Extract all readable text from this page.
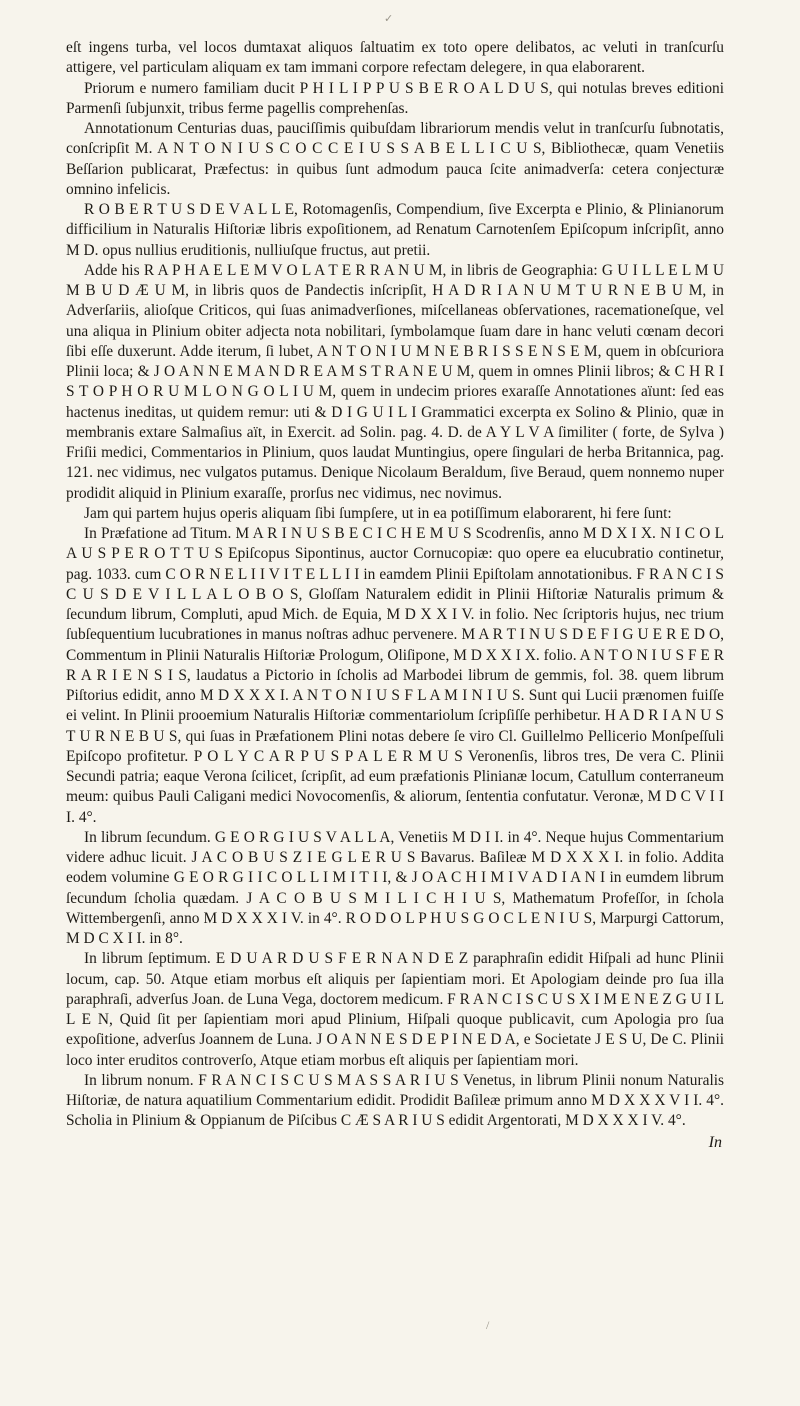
✓

eſt ingens turba, vel locos dumtaxat aliquos ſaltuatim ex toto opere delibatos, ac veluti in tranſcurſu attigere, vel particulam aliquam ex tam immani corpore refectam delegere, in qua elaborarent.

Priorum e numero familiam ducit P H I L I P P U S B E R O A L D U S, qui notulas breves editioni Parmenſi ſubjunxit, tribus ferme pagellis comprehenſas.

Annotationum Centurias duas, pauciſſimis quibuſdam librariorum mendis velut in tranſcurſu ſubnotatis, conſcripſit M. A N T O N I U S C O C C E I U S S A B E L L I C U S, Bibliothecæ, quam Venetiis Beſſarion publicarat, Præfectus: in quibus ſunt admodum pauca ſcite animadverſa: cetera conjecturæ omnino infelicis.

R O B E R T U S D E V A L L E, Rotomagenſis, Compendium, ſive Excerpta e Plinio, & Plinianorum difficilium in Naturalis Hiſtoriæ libris expoſitionem, ad Renatum Carnotenſem Epiſcopum inſcripſit, anno M D. opus nullius eruditionis, nulliuſque fructus, aut pretii.

Adde his R A P H A E L E M V O L A T E R R A N U M, in libris de Geographia: G U I L L E L M U M B U D Æ U M, in libris quos de Pandectis inſcripſit, H A D R I A N U M T U R N E B U M, in Adverſariis, alioſque Criticos, qui ſuas animadverſiones, miſcellaneas obſervationes, racemationeſque, vel una aliqua in Plinium obiter adjecta nota nobilitari, ſymbolamque ſuam dare in hanc veluti cœnam decori ſibi eſſe duxerunt. Adde iterum, ſi lubet, A N T O N I U M N E B R I S S E N S E M, quem in obſcuriora Plinii loca; & J O A N N E M A N D R E A M S T R A N E U M, quem in omnes Plinii libros; & C H R I S T O P H O R U M L O N G O L I U M, quem in undecim priores exaraſſe Annotationes aïunt: ſed eas hactenus ineditas, ut quidem remur: uti & D I G U I L I Grammatici excerpta ex Solino & Plinio, quæ in membranis extare Salmaſius aït, in Exercit. ad Solin. pag. 4. D. de A Y L V A ſimiliter ( forte, de Sylva ) Friſii medici, Commentarios in Plinium, quos laudat Muntingius, opere ſingulari de herba Britannica, pag. 121. nec vidimus, nec vulgatos putamus. Denique Nicolaum Beraldum, ſive Beraud, quem nonnemo nuper prodidit aliquid in Plinium exaraſſe, prorſus nec vidimus, nec novimus.

Jam qui partem hujus operis aliquam ſibi ſumpſere, ut in ea potiſſimum elaborarent, hi fere ſunt:

In Præfatione ad Titum. M A R I N U S B E C I C H E M U S Scodrenſis, anno M D X I X. N I C O L A U S P E R O T T U S Epiſcopus Sipontinus, auctor Cornucopiæ: quo opere ea elucubratio continetur, pag. 1033. cum C O R N E L I I V I T E L L I I in eamdem Plinii Epiſtolam annotationibus. F R A N C I S C U S D E V I L L A L O B O S, Gloſſam Naturalem edidit in Plinii Hiſtoriæ Naturalis primum & ſecundum librum, Compluti, apud Mich. de Equia, M D X X I V. in folio. Nec ſcriptoris hujus, nec trium ſubſequentium lucubrationes in manus noſtras adhuc pervenere. M A R T I N U S D E F I G U E R E D O, Commentum in Plinii Naturalis Hiſtoriæ Prologum, Oliſipone, M D X X I X. folio. A N T O N I U S F E R R A R I E N S I S, laudatus a Pictorio in ſcholis ad Marbodei librum de gemmis, fol. 38. quem librum Piſtorius edidit, anno M D X X X I. A N T O N I U S F L A M I N I U S. Sunt qui Lucii prænomen fuiſſe ei velint. In Plinii prooemium Naturalis Hiſtoriæ commentariolum ſcripſiſſe perhibetur. H A D R I A N U S T U R N E B U S, qui ſuas in Præfationem Plini notas debere ſe viro Cl. Guillelmo Pellicerio Monſpeſſuli Epiſcopo profitetur. P O L Y C A R P U S P A L E R M U S Veronenſis, libros tres, De vera C. Plinii Secundi patria; eaque Verona ſcilicet, ſcripſit, ad eum præfationis Plinianæ locum, Catullum conterraneum meum: quibus Pauli Caligani medici Novocomenſis, & aliorum, ſententia confutatur. Veronæ, M D C V I I I. 4°.

In librum ſecundum. G E O R G I U S V A L L A, Venetiis M D I I. in 4°. Neque hujus Commentarium videre adhuc licuit. J A C O B U S Z I E G L E R U S Bavarus. Baſileæ M D X X X I. in folio. Addita eodem volumine G E O R G I I C O L L I M I T I I, & J O A C H I M I V A D I A N I in eumdem librum ſecundum ſcholia quædam. J A C O B U S M I L I C H I U S, Mathematum Profeſſor, in ſchola Wittembergenſi, anno M D X X X I V. in 4°. R O D O L P H U S G O C L E N I U S, Marpurgi Cattorum, M D C X I I. in 8°.

In librum ſeptimum. E D U A R D U S F E R N A N D E Z paraphraſin edidit Hiſpali ad hunc Plinii locum, cap. 50. Atque etiam morbus eſt aliquis per ſapientiam mori. Et Apologiam deinde pro ſua illa paraphraſi, adverſus Joan. de Luna Vega, doctorem medicum. F R A N C I S C U S X I M E N E Z G U I L L E N, Quid ſit per ſapientiam mori apud Plinium, Hiſpali quoque publicavit, cum Apologia pro ſua expoſitione, adverſus Joannem de Luna. J O A N N E S D E P I N E D A, e Societate J E S U, De C. Plinii loco inter eruditos controverſo, Atque etiam morbus eſt aliquis per ſapientiam mori.

In librum nonum. F R A N C I S C U S M A S S A R I U S Venetus, in librum Plinii nonum Naturalis Hiſtoriæ, de natura aquatilium Commentarium edidit. Prodidit Baſileæ primum anno M D X X X V I I. 4°. Scholia in Plinium & Oppianum de Piſcibus C Æ S A R I U S edidit Argentorati, M D X X X I V. 4°.

In
/
